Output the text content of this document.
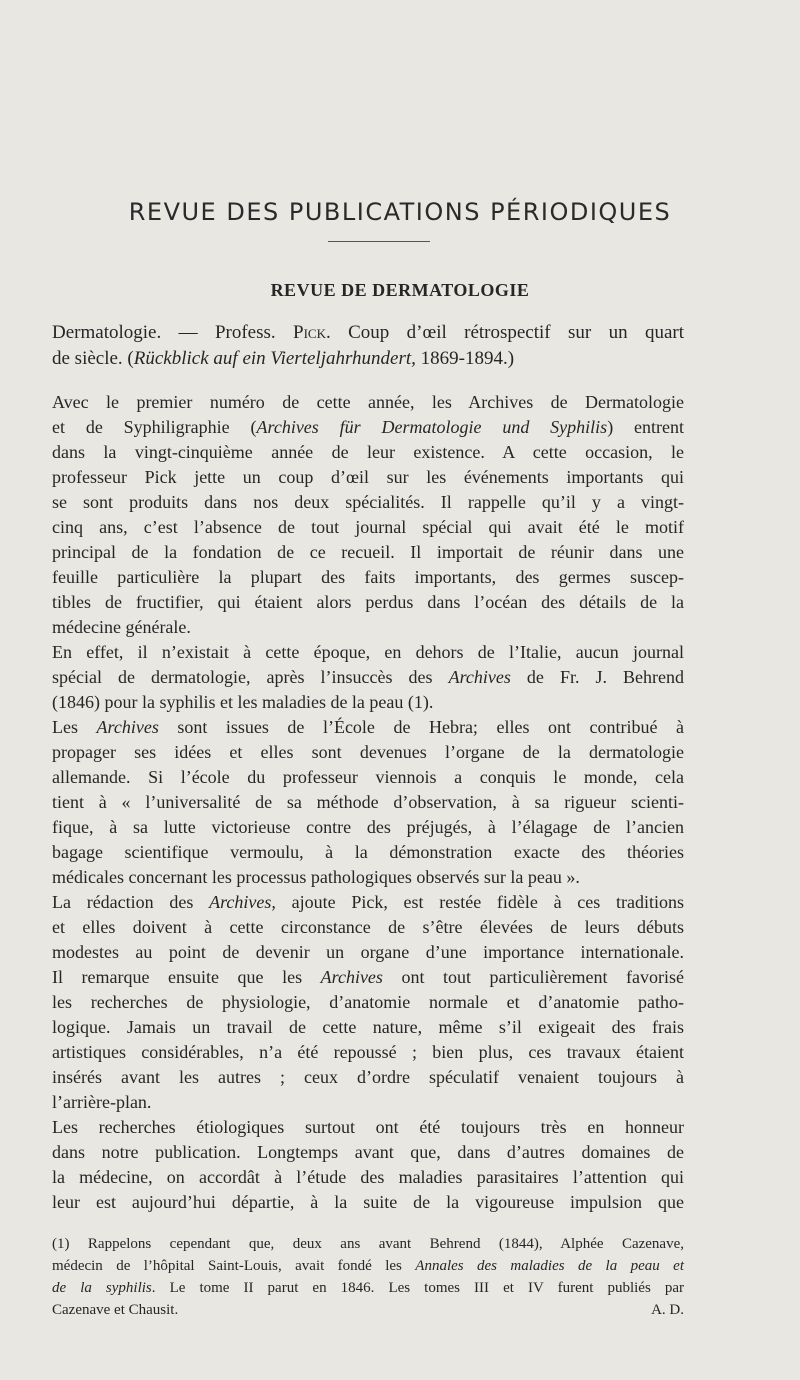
REVUE DES PUBLICATIONS PÉRIODIQUES
REVUE DE DERMATOLOGIE
Dermatologie. — Profess. Pick. Coup d’œil rétrospectif sur un quart
de siècle. (Rückblick auf ein Vierteljahrhundert, 1869-1894.)
Avec le premier numéro de cette année, les Archives de Dermatologie
et de Syphiligraphie (Archives für Dermatologie und Syphilis) entrent
dans la vingt-cinquième année de leur existence. A cette occasion, le
professeur Pick jette un coup d’œil sur les événements importants qui
se sont produits dans nos deux spécialités. Il rappelle qu’il y a vingt-
cinq ans, c’est l’absence de tout journal spécial qui avait été le motif
principal de la fondation de ce recueil. Il importait de réunir dans une
feuille particulière la plupart des faits importants, des germes suscep-
tibles de fructifier, qui étaient alors perdus dans l’océan des détails de la
médecine générale.
En effet, il n’existait à cette époque, en dehors de l’Italie, aucun journal
spécial de dermatologie, après l’insuccès des Archives de Fr. J. Behrend
(1846) pour la syphilis et les maladies de la peau (1).
Les Archives sont issues de l’École de Hebra; elles ont contribué à
propager ses idées et elles sont devenues l’organe de la dermatologie
allemande. Si l’école du professeur viennois a conquis le monde, cela
tient à « l’universalité de sa méthode d’observation, à sa rigueur scienti-
fique, à sa lutte victorieuse contre des préjugés, à l’élagage de l’ancien
bagage scientifique vermoulu, à la démonstration exacte des théories
médicales concernant les processus pathologiques observés sur la peau ».
La rédaction des Archives, ajoute Pick, est restée fidèle à ces traditions
et elles doivent à cette circonstance de s’être élevées de leurs débuts
modestes au point de devenir un organe d’une importance internationale.
Il remarque ensuite que les Archives ont tout particulièrement favorisé
les recherches de physiologie, d’anatomie normale et d’anatomie patho-
logique. Jamais un travail de cette nature, même s’il exigeait des frais
artistiques considérables, n’a été repoussé ; bien plus, ces travaux étaient
insérés avant les autres ; ceux d’ordre spéculatif venaient toujours à
l’arrière-plan.
Les recherches étiologiques surtout ont été toujours très en honneur
dans notre publication. Longtemps avant que, dans d’autres domaines de
la médecine, on accordât à l’étude des maladies parasitaires l’attention qui
leur est aujourd’hui départie, à la suite de la vigoureuse impulsion que
(1) Rappelons cependant que, deux ans avant Behrend (1844), Alphée Cazenave,
médecin de l’hôpital Saint-Louis, avait fondé les Annales des maladies de la peau et
de la syphilis. Le tome II parut en 1846. Les tomes III et IV furent publiés par
Cazenave et Chausit.	A. D.
